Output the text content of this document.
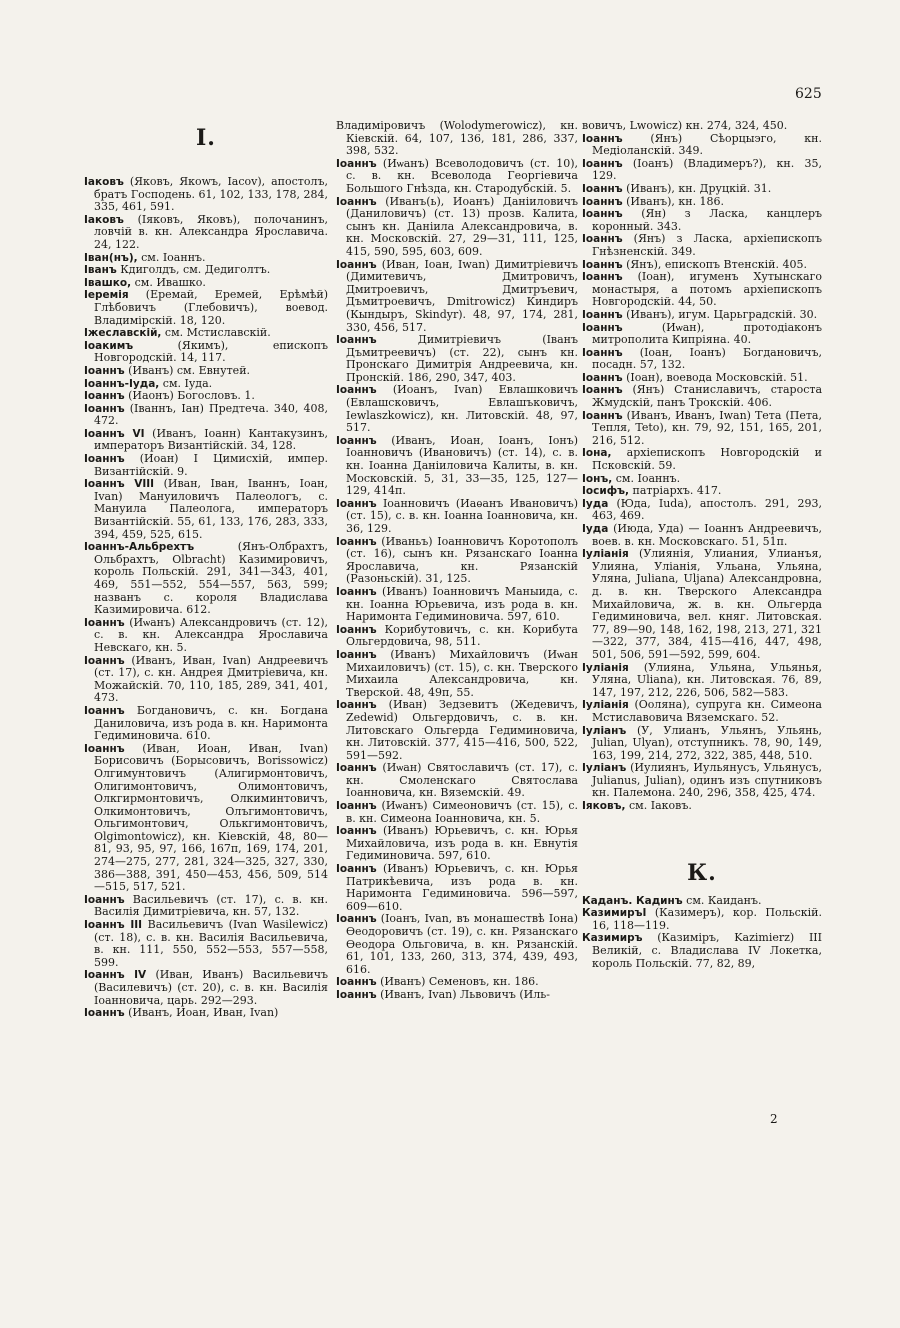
625
I.

Іаковъ (Яковъ, Якоwъ, Іacov), апостолъ, братъ Господень. 61, 102, 133, 178, 284, 335, 461, 591.

Іаковъ (Іяковъ, Яковъ), полочанинъ, ловчій в. кн. Александра Ярославича. 24, 122.

Іван(нъ), см. Іоаннъ.

Іванъ Кдиголдъ, см. Дедиголтъ.

Івашко, см. Ивашко.

Іеремія (Еремай, Еремей, Ерѣмѣй) Глѣбовичъ (Глебовичъ), воевод. Владимірскій. 18, 120.

Іжеславскій, см. Мстиславскій.

Іоакимъ (Якимъ), епископъ Новгородскій. 14, 117.

Іоаннъ (Иванъ) см. Евнутей.

Іоаннъ-Іуда, см. Іуда.

Іоаннъ (Иаонъ) Богословъ. 1.

Іоаннъ (Іваннъ, Іан) Предтеча. 340, 408, 472.

Іоаннъ VI (Иванъ, Іоанн) Кантакузинъ, императоръ Византійскій. 34, 128.

Іоаннъ (Иоан) I Цимисхій, импер. Византійскій. 9.

Іоаннъ VIII (Иван, Іван, Іваннъ, Іоан, Ivan) Мануиловичъ Палеологъ, с. Мануила Палеолога, императоръ Византійскій. 55, 61, 133, 176, 283, 333, 394, 459, 525, 615.

Іоаннъ-Альбрехтъ (Янъ-Олбрахтъ, Ольбрахтъ, Olbracht) Казимировичъ, король Польскій. 291, 341—343, 401, 469, 551—552, 554—557, 563, 599; названъ с. короля Владислава Казимировича. 612.

Іоаннъ (Иѡанъ) Александровичъ (ст. 12), с. в. кн. Александра Ярославича Невскаго, кн. 5.

Іоаннъ (Иванъ, Иван, Ivan) Андреевичъ (ст. 17), с. кн. Андрея Дмитріевича, кн. Можайскій. 70, 110, 185, 289, 341, 401, 473.

Іоаннъ Богдановичъ, с. кн. Богдана Даниловича, изъ рода в. кн. Наримонта Гедиминовича. 610.

Іоаннъ (Иван, Иоан, Иван, Ivan) Борисовичъ (Борысовичъ, Borissowicz) Олгимунтовичъ (Алигирмонтовичъ, Олигимонтовичъ, Олимонтовичъ, Олкгирмонтовичъ, Олкиминтовичъ, Олкимонтовичъ, Олъгимонтовичъ, Ольгимонтович, Олькгимонтовичъ, Olgimontowicz), кн. Кіевскій, 48, 80—81, 93, 95, 97, 166, 167п, 169, 174, 201, 274—275, 277, 281, 324—325, 327, 330, 386—388, 391, 450—453, 456, 509, 514—515, 517, 521.

Іоаннъ Васильевичъ (ст. 17), с. в. кн. Василія Димитріевича, кн. 57, 132.

Іоаннъ III Васильевичъ (Ivan Wasilewicz) (ст. 18), с. в. кн. Василія Васильевича, в. кн. 111, 550, 552—553, 557—558, 599.

Іоаннъ IV (Иван, Иванъ) Васильевичъ (Василевичъ) (ст. 20), с. в. кн. Василія Іоанновича, царь. 292—293.

Іоаннъ (Иванъ, Иоан, Иван, Ivan)

Владиміровичъ (Wolodymerowicz), кн. Кіевскій. 64, 107, 136, 181, 286, 337, 398, 532.

Іоаннъ (Иѡанъ) Всеволодовичъ (ст. 10), с. в. кн. Всеволода Георгіевича Большого Гнѣзда, кн. Стародубскій. 5.

Іоаннъ (Иванъ(ь), Иоанъ) Даніиловичъ (Даниловичъ) (ст. 13) прозв. Калита, сынъ кн. Даніила Александровича, в. кн. Московскій. 27, 29—31, 111, 125, 415, 590, 595, 603, 609.

Іоаннъ (Иван, Іоан, Iwan) Димитріевичъ (Димитевичъ, Дмитровичъ, Дмитроевичъ, Дмитръевич, Дъмитроевичъ, Dmitrowicz) Киндиръ (Кындыръ, Skindyr). 48, 97, 174, 281, 330, 456, 517.

Іоаннъ Димитріевичъ (Іванъ Дъмитреевичъ) (ст. 22), сынъ кн. Пронскаго Димитрія Андреевича, кн. Пронскій. 186, 290, 347, 403.

Іоаннъ (Иоанъ, Ivan) Евлашковичъ (Евлашсковичъ, Евлашъковичъ, Iewlaszkowicz), кн. Литовскій. 48, 97, 517.

Іоаннъ (Иванъ, Иоан, Іоанъ, Іонъ) Іоанновичъ (Ивановичъ) (ст. 14), с. в. кн. Іоанна Даніиловича Калиты, в. кн. Московскій. 5, 31, 33—35, 125, 127—129, 414п.

Іоаннъ Іоанновичъ (Иаѳанъ Ивановичъ) (ст. 15), с. в. кн. Іоанна Іоанновича, кн. 36, 129.

Іоаннъ (Иваньъ) Іоанновичъ Коротополъ (ст. 16), сынъ кн. Рязанскаго Іоанна Ярославича, кн. Рязанскій (Разоньскій). 31, 125.

Іоаннъ (Иванъ) Іоанновичъ Маныида, с. кн. Іоанна Юрьевича, изъ рода в. кн. Наримонта Гедиминовича. 597, 610.

Іоаннъ Корибутовичъ, с. кн. Корибута Ольгердовича, 98, 511.

Іоаннъ (Иванъ) Михайловичъ (Иѡан Михаиловичъ) (ст. 15), с. кн. Тверского Михаила Александровича, кн. Тверской. 48, 49п, 55.

Іоаннъ (Иван) Зедзевитъ (Жедевичъ, Zedewid) Ольгердовичъ, с. в. кн. Литовскаго Ольгерда Гедиминовича, кн. Литовскій. 377, 415—416, 500, 522, 591—592.

Іоаннъ (Иѡан) Святославичъ (ст. 17), с. кн. Смоленскаго Святослава Іоанновича, кн. Вяземскій. 49.

Іоаннъ (Иѡанъ) Симеоновичъ (ст. 15), с. в. кн. Симеона Іоанновича, кн. 5.

Іоаннъ (Иванъ) Юрьевичъ, с. кн. Юрья Михайловича, изъ рода в. кн. Евнутія Гедиминовича. 597, 610.

Іоаннъ (Иванъ) Юрьевичъ, с. кн. Юрья Патрикѣевича, изъ рода в. кн. Наримонта Гедиминовича. 596—597, 609—610.

Іоаннъ (Іоанъ, Ivan, въ монашествѣ Іона) Ѳеодоровичъ (ст. 19), с. кн. Рязанскаго Ѳеодора Ольговича, в. кн. Рязанскій. 61, 101, 133, 260, 313, 374, 439, 493, 616.

Іоаннъ (Иванъ) Семеновъ, кн. 186.

Іоаннъ (Иванъ, Ivan) Львовичъ (Иль-

вовичъ, Lwowicz) кн. 274, 324, 450.

Іоаннъ (Янъ) Сѣорцыэго, кн. Медіоланскій. 349.

Іоаннъ (Іоанъ) (Владимеръ?), кн. 35, 129.

Іоаннъ (Иванъ), кн. Друцкій. 31.

Іоаннъ (Иванъ), кн. 186.

Іоаннъ (Ян) з Ласка, канцлеръ коронный. 343.

Іоаннъ (Янъ) з Ласка, архіепископъ Гнѣзненскій. 349.

Іоаннъ (Янъ), епископъ Втенскій. 405.

Іоаннъ (Іоан), игуменъ Хутынскаго монастыря, а потомъ архіепископъ Новгородскій. 44, 50.

Іоаннъ (Иванъ), игум. Царьградскій. 30.

Іоаннъ (Иѡан), протодіаконъ митрополита Кипріяна. 40.

Іоаннъ (Іоан, Іоанъ) Богдановичъ, посадн. 57, 132.

Іоаннъ (Іоан), воевода Московскій. 51.

Іоаннъ (Янъ) Станиславичъ, староста Жмудскій, панъ Трокскій. 406.

Іоаннъ (Иванъ, Иванъ, Iwan) Тета (Пета, Тепля, Teto), кн. 79, 92, 151, 165, 201, 216, 512.

Іона, архіепископъ Новгородскій и Псковскій. 59.

Іонъ, см. Іоаннъ.

Іосифъ, патріархъ. 417.

Іуда (Юда, Iuda), апостолъ. 291, 293, 463, 469.

Іуда (Июда, Уда) — Іоаннъ Андреевичъ, воев. в. кн. Московскаго. 51, 51п.

Іуліанія (Улиянія, Улиания, Улианъя, Улияна, Уліанія, Ульана, Ульяна, Уляна, Juliana, Uljana) Александровна, д. в. кн. Тверского Александра Михайловича, ж. в. кн. Ольгерда Гедиминовича, вел. княг. Литовская. 77, 89—90, 148, 162, 198, 213, 271, 321—322, 377, 384, 415—416, 447, 498, 501, 506, 591—592, 599, 604.

Іуліанія (Улияна, Ульяна, Ульянья, Уляна, Uliana), кн. Литовская. 76, 89, 147, 197, 212, 226, 506, 582—583.

Іуліанія (Ооляна), супруга кн. Симеона Мстиславовича Вяземскаго. 52.

Іуліанъ (У, Улианъ, Ульянъ, Ульянь, Julian, Ulyan), отступникъ. 78, 90, 149, 163, 199, 214, 272, 322, 385, 448, 510.

Іуліанъ (Иулиянъ, Иульянусъ, Ульянусъ, Julianus, Julian), одинъ изъ спутниковъ кн. Палемона. 240, 296, 358, 425, 474.

Іяковъ, см. Іаковъ.

К.

Каданъ. Кадинъ см. Каиданъ.

КазимиръI (Казимеръ), кор. Польскій. 16, 118—119.

Казимиръ (Казиміръ, Kazimierz) III Великій, с. Владислава IV Локетка, король Польскій. 77, 82, 89,

2
